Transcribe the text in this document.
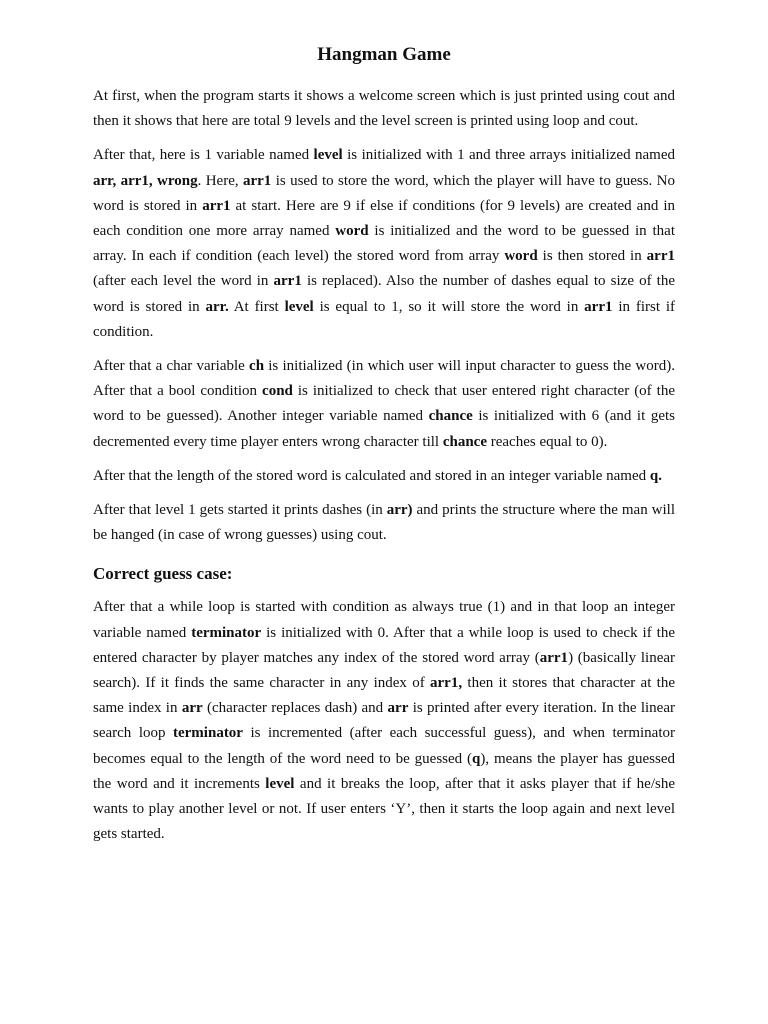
Hangman Game
At first, when the program starts it shows a welcome screen which is just printed using cout and then it shows that here are total 9 levels and the level screen is printed using loop and cout.
After that, here is 1 variable named level is initialized with 1 and three arrays initialized named arr, arr1, wrong. Here, arr1 is used to store the word, which the player will have to guess. No word is stored in arr1 at start. Here are 9 if else if conditions (for 9 levels) are created and in each condition one more array named word is initialized and the word to be guessed in that array. In each if condition (each level) the stored word from array word is then stored in arr1 (after each level the word in arr1 is replaced). Also the number of dashes equal to size of the word is stored in arr. At first level is equal to 1, so it will store the word in arr1 in first if condition.
After that a char variable ch is initialized (in which user will input character to guess the word). After that a bool condition cond is initialized to check that user entered right character (of the word to be guessed). Another integer variable named chance is initialized with 6 (and it gets decremented every time player enters wrong character till chance reaches equal to 0).
After that the length of the stored word is calculated and stored in an integer variable named q.
After that level 1 gets started it prints dashes (in arr) and prints the structure where the man will be hanged (in case of wrong guesses) using cout.
Correct guess case:
After that a while loop is started with condition as always true (1) and in that loop an integer variable named terminator is initialized with 0. After that a while loop is used to check if the entered character by player matches any index of the stored word array (arr1) (basically linear search). If it finds the same character in any index of arr1, then it stores that character at the same index in arr (character replaces dash) and arr is printed after every iteration. In the linear search loop terminator is incremented (after each successful guess), and when terminator becomes equal to the length of the word need to be guessed (q), means the player has guessed the word and it increments level and it breaks the loop, after that it asks player that if he/she wants to play another level or not. If user enters ‘Y’, then it starts the loop again and next level gets started.
